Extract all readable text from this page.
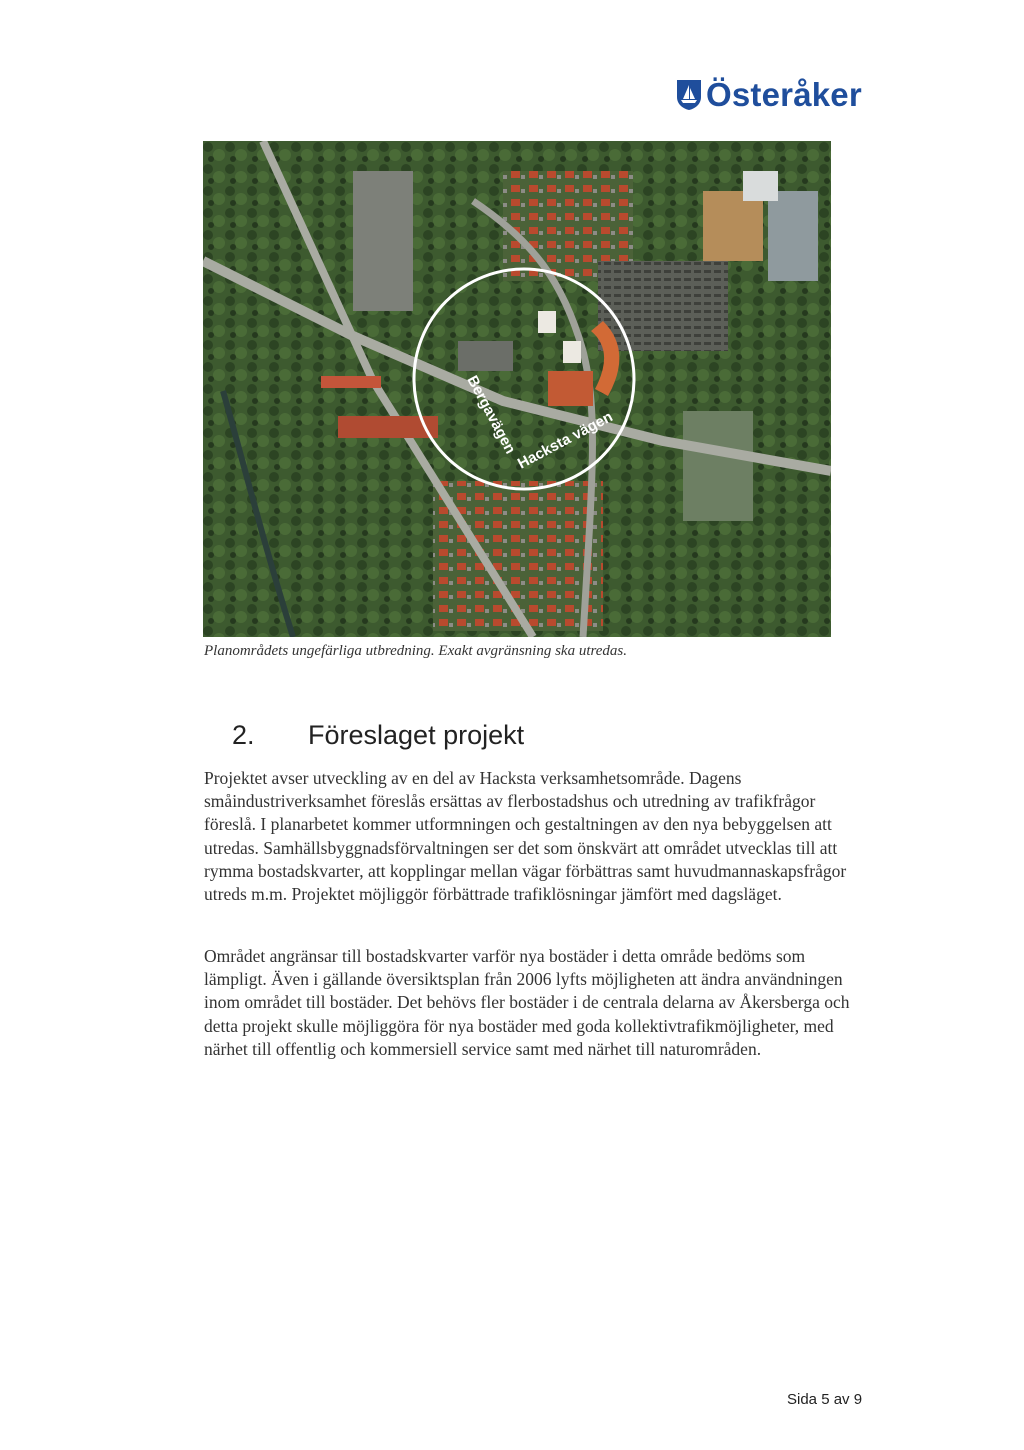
Österåker
Bergavägen
Hacksta vägen
Planområdets ungefärliga utbredning. Exakt avgränsning ska utredas.
2. Föreslaget projekt

Projektet avser utveckling av en del av Hacksta verksamhetsområde. Dagens småindustriverksamhet föreslås ersättas av flerbostadshus och utredning av trafikfrågor föreslå. I planarbetet kommer utformningen och gestaltningen av den nya bebyggelsen att utredas. Samhällsbyggnadsförvaltningen ser det som önskvärt att området utvecklas till att rymma bostadskvarter, att kopplingar mellan vägar förbättras samt huvudmannaskapsfrågor utreds m.m. Projektet möjliggör förbättrade trafiklösningar jämfört med dagsläget.

Området angränsar till bostadskvarter varför nya bostäder i detta område bedöms som lämpligt. Även i gällande översiktsplan från 2006 lyfts möjligheten att ändra användningen inom området till bostäder. Det behövs fler bostäder i de centrala delarna av Åkersberga och detta projekt skulle möjliggöra för nya bostäder med goda kollektivtrafikmöjligheter, med närhet till offentlig och kommersiell service samt med närhet till naturområden.

Sida 5 av 9
